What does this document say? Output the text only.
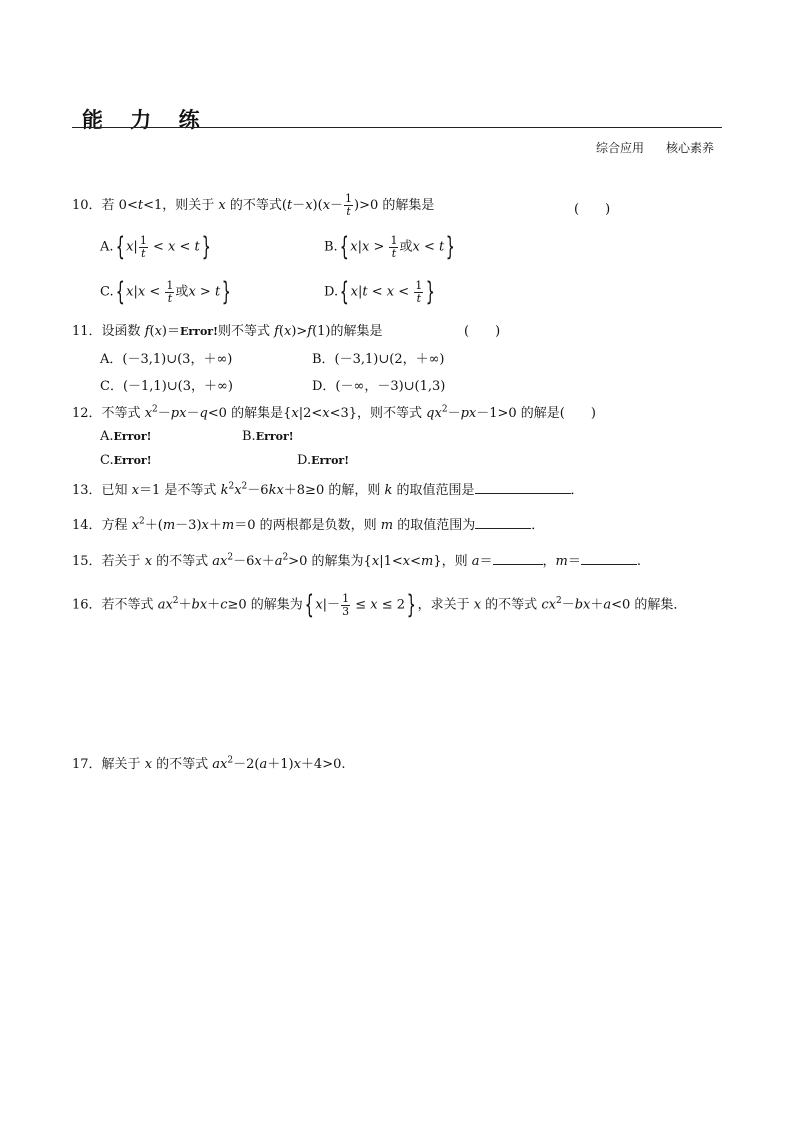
能 力 练
综合应用 核心素养
10．若 0<t<1，则关于 x 的不等式$(t-x)(x- \frac{1}{t} )>0$ 的解集是	(　　)
A.{ $x| \frac{1}{t} < x < t$}	B.{ $x|x > \frac{1}{t}$ 或x < t}
C.{ $x|x < \frac{1}{t}$ 或x > t}	D.{ $x|t < x < \frac{1}{t}$ }
11．设函数 f(x)＝Error!则不等式 f(x)>f(1)的解集是	(　　)
A．(－3,1)∪(3，＋∞)	B．(－3,1)∪(2，＋∞)
C．(－1,1)∪(3，＋∞)	D．(－∞，－3)∪(1,3)
12．不等式 $x^2-px-q<0$ 的解集是{x|2<x<3}，则不等式 $qx^2-px-1>0$ 的解是(　　)
A.Error!	B.Error!
C.Error!	D.Error!
13．已知 x＝1 是不等式 $k^2x^2-6kx+8\ge 0$ 的解，则 k 的取值范围是	．
14．方程 $x^2+(m-3)x+m=0$ 的两根都是负数，则 m 的取值范围为	．
15．若关于 x 的不等式 $ax^2-6x+a^2>0$ 的解集为{x|1<x<m}，则 a＝	，m＝	.
16．若不等式 $ax^2+bx+c\ge 0$ 的解集为{ $x|- \frac{1}{3} \le x \le 2$} ，求关于 x 的不等式 $cx^2-bx+a<0$ 的解集．
17．解关于 x 的不等式 $ax^2-2(a+1)x+4>0$.
